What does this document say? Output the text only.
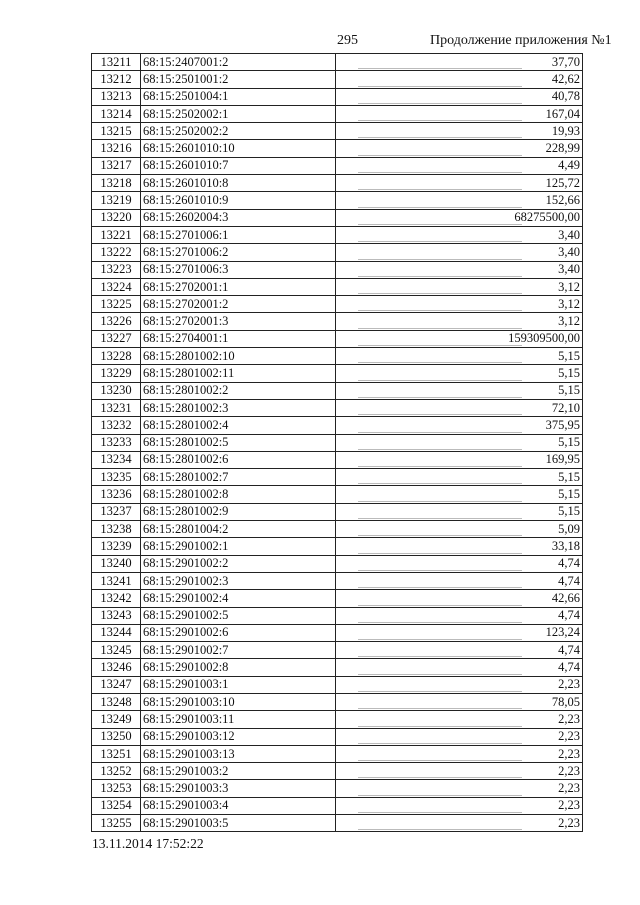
295	Продолжение приложения №1
13211	68:15:2407001:2	37,70
13212	68:15:2501001:2	42,62
13213	68:15:2501004:1	40,78
13214	68:15:2502002:1	167,04
13215	68:15:2502002:2	19,93
13216	68:15:2601010:10	228,99
13217	68:15:2601010:7	4,49
13218	68:15:2601010:8	125,72
13219	68:15:2601010:9	152,66
13220	68:15:2602004:3	68275500,00
13221	68:15:2701006:1	3,40
13222	68:15:2701006:2	3,40
13223	68:15:2701006:3	3,40
13224	68:15:2702001:1	3,12
13225	68:15:2702001:2	3,12
13226	68:15:2702001:3	3,12
13227	68:15:2704001:1	159309500,00
13228	68:15:2801002:10	5,15
13229	68:15:2801002:11	5,15
13230	68:15:2801002:2	5,15
13231	68:15:2801002:3	72,10
13232	68:15:2801002:4	375,95
13233	68:15:2801002:5	5,15
13234	68:15:2801002:6	169,95
13235	68:15:2801002:7	5,15
13236	68:15:2801002:8	5,15
13237	68:15:2801002:9	5,15
13238	68:15:2801004:2	5,09
13239	68:15:2901002:1	33,18
13240	68:15:2901002:2	4,74
13241	68:15:2901002:3	4,74
13242	68:15:2901002:4	42,66
13243	68:15:2901002:5	4,74
13244	68:15:2901002:6	123,24
13245	68:15:2901002:7	4,74
13246	68:15:2901002:8	4,74
13247	68:15:2901003:1	2,23
13248	68:15:2901003:10	78,05
13249	68:15:2901003:11	2,23
13250	68:15:2901003:12	2,23
13251	68:15:2901003:13	2,23
13252	68:15:2901003:2	2,23
13253	68:15:2901003:3	2,23
13254	68:15:2901003:4	2,23
13255	68:15:2901003:5	2,23
13.11.2014 17:52:22
